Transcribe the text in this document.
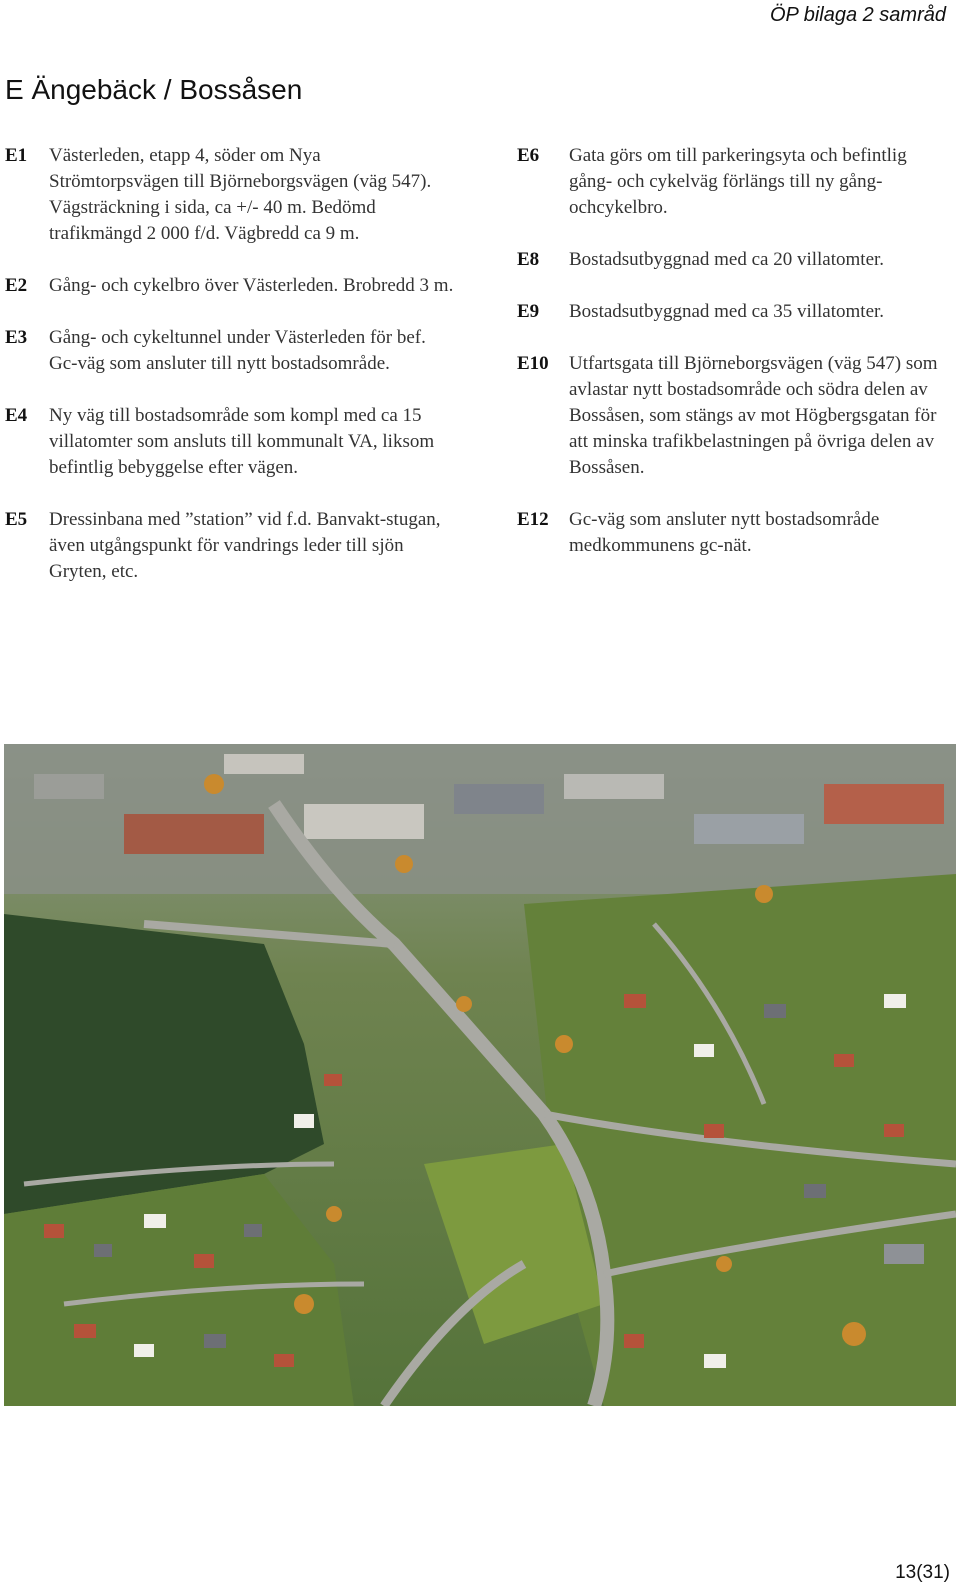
ÖP bilaga 2 samråd
E Ängebäck / Bossåsen
E1	Västerleden, etapp 4, söder om Nya Strömtorpsvägen till Björneborgsvägen (väg 547). Vägsträckning i sida, ca +/- 40 m. Bedömd trafikmängd 2 000 f/d. Vägbredd ca 9 m.
E2	Gång- och cykelbro över Västerleden. Brobredd 3 m.
E3	Gång- och cykeltunnel under Västerleden för bef. Gc-väg som ansluter till nytt bostadsområde.
E4	Ny väg till bostadsområde som kompl med ca 15 villatomter som ansluts till kommunalt VA, liksom befintlig bebyggelse efter vägen.
E5	Dressinbana med ”station” vid f.d. Banvakt-stugan, även utgångspunkt för vandrings leder till sjön Gryten, etc.
E6	Gata görs om till parkeringsyta och befintlig gång- och cykelväg förlängs till ny gång- ochcykelbro.
E8	Bostadsutbyggnad med ca 20 villatomter.
E9	Bostadsutbyggnad med ca 35 villatomter.
E10	Utfartsgata till Björneborgsvägen (väg 547) som avlastar nytt bostadsområde och södra delen av Bossåsen, som stängs av mot Högbergsgatan för att minska trafikbelastningen på övriga delen av Bossåsen.
E12	Gc-väg som ansluter nytt bostadsområde medkommunens gc-nät.
13(31)
